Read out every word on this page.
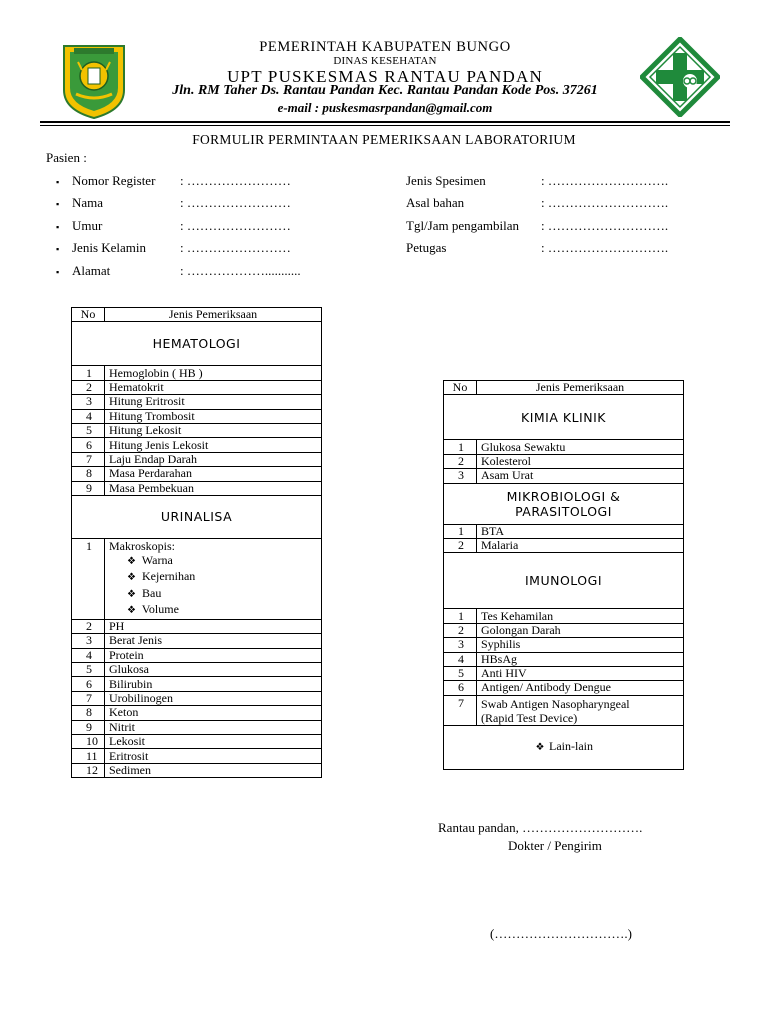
PEMERINTAH KABUPATEN BUNGO
DINAS KESEHATAN
UPT PUSKESMAS RANTAU PANDAN
Jln. RM Taher Ds. Rantau Pandan Kec. Rantau Pandan Kode Pos. 37261
e-mail : puskesmasrpandan@gmail.com
FORMULIR PERMINTAAN PEMERIKSAAN LABORATORIUM
Pasien :
▪ Nomor Register : ……………………
▪ Nama	: ……………………
▪ Umur	: ……………………
▪ Jenis Kelamin	: ……………………
▪ Alamat	: ………………...........
Jenis Spesimen	: ……………………….
Asal bahan	: ……………………….
Tgl/Jam pengambilan : ……………………….
Petugas	: ……………………….
No	Jenis Pemeriksaan
HEMATOLOGI	
1	Hemoglobin ( HB )
2	Hematokrit
3	Hitung Eritrosit
4	Hitung Trombosit
5	Hitung Lekosit
6	Hitung Jenis Lekosit
7	Laju Endap Darah
8	Masa Perdarahan
9	Masa Pembekuan
URINALISA	
1	Makroskopis:
❖ Warna
❖ Kejernihan
❖ Bau
❖ Volume

2	PH
3	Berat Jenis
4	Protein
5	Glukosa
6	Bilirubin
7	Urobilinogen
8	Keton
9	Nitrit
10	Lekosit
11	Eritrosit
12	Sedimen
No	Jenis Pemeriksaan
KIMIA KLINIK	
1	Glukosa Sewaktu
2	Kolesterol
3	Asam Urat

MIKROBIOLOGI &
PARASITOLOGI	

1	BTA
2	Malaria
IMUNOLOGI	
1	Tes Kehamilan
2	Golongan Darah
3	Syphilis
4	HBsAg
5	Anti HIV
6	Antigen/ Antibody Dengue
7	Swab Antigen Nasopharyngeal
(Rapid Test Device)

❖ Lain-lain	
Rantau pandan, ……………………….
Dokter / Pengirim
(………………………….)
